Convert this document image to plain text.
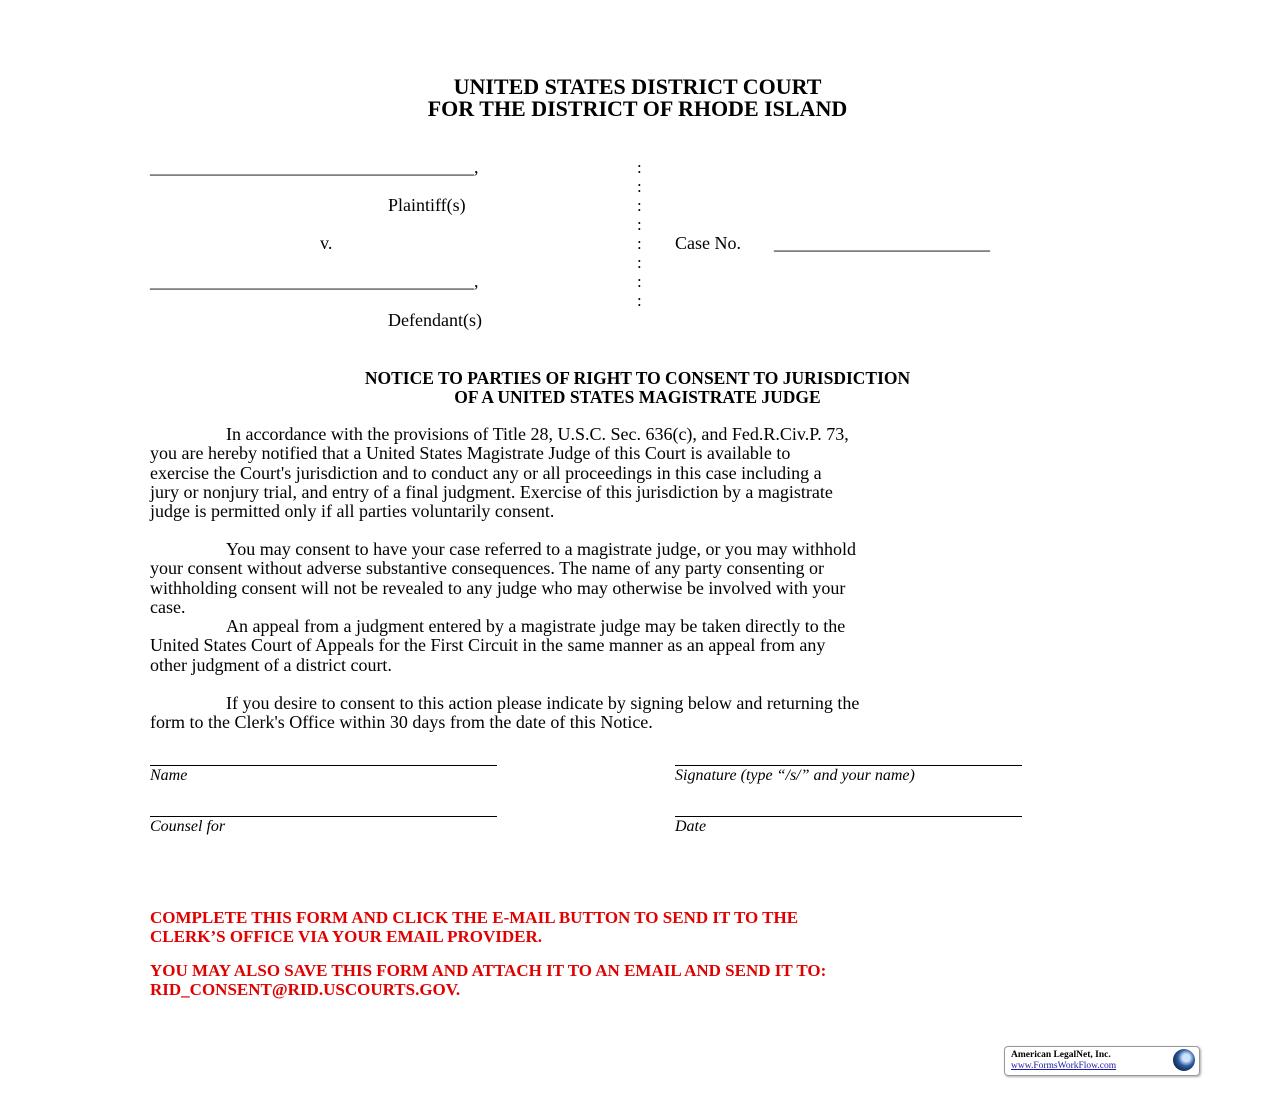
UNITED STATES DISTRICT COURT
FOR THE DISTRICT OF RHODE ISLAND
____________________________________,
Plaintiff(s)
v.
____________________________________,
Defendant(s)
Case No. ________________________
:
:
:
:
:
:
:
:
NOTICE TO PARTIES OF RIGHT TO CONSENT TO JURISDICTION
OF A UNITED STATES MAGISTRATE JUDGE
In accordance with the provisions of Title 28, U.S.C. Sec. 636(c), and Fed.R.Civ.P. 73,
you are hereby notified that a United States Magistrate Judge of this Court is available to
exercise the Court's jurisdiction and to conduct any or all proceedings in this case including a
jury or nonjury trial, and entry of a final judgment. Exercise of this jurisdiction by a magistrate
judge is permitted only if all parties voluntarily consent.
You may consent to have your case referred to a magistrate judge, or you may withhold
your consent without adverse substantive consequences. The name of any party consenting or
withholding consent will not be revealed to any judge who may otherwise be involved with your
case.
An appeal from a judgment entered by a magistrate judge may be taken directly to the
United States Court of Appeals for the First Circuit in the same manner as an appeal from any
other judgment of a district court.
If you desire to consent to this action please indicate by signing below and returning the
form to the Clerk's Office within 30 days from the date of this Notice.
Name	Signature (type “/s/” and your name)
Counsel for	Date
COMPLETE THIS FORM AND CLICK THE E-MAIL BUTTON TO SEND IT TO THE
CLERK’S OFFICE VIA YOUR EMAIL PROVIDER.
YOU MAY ALSO SAVE THIS FORM AND ATTACH IT TO AN EMAIL AND SEND IT TO:
RID_CONSENT@RID.USCOURTS.GOV.
American LegalNet, Inc.
www.FormsWorkFlow.com
